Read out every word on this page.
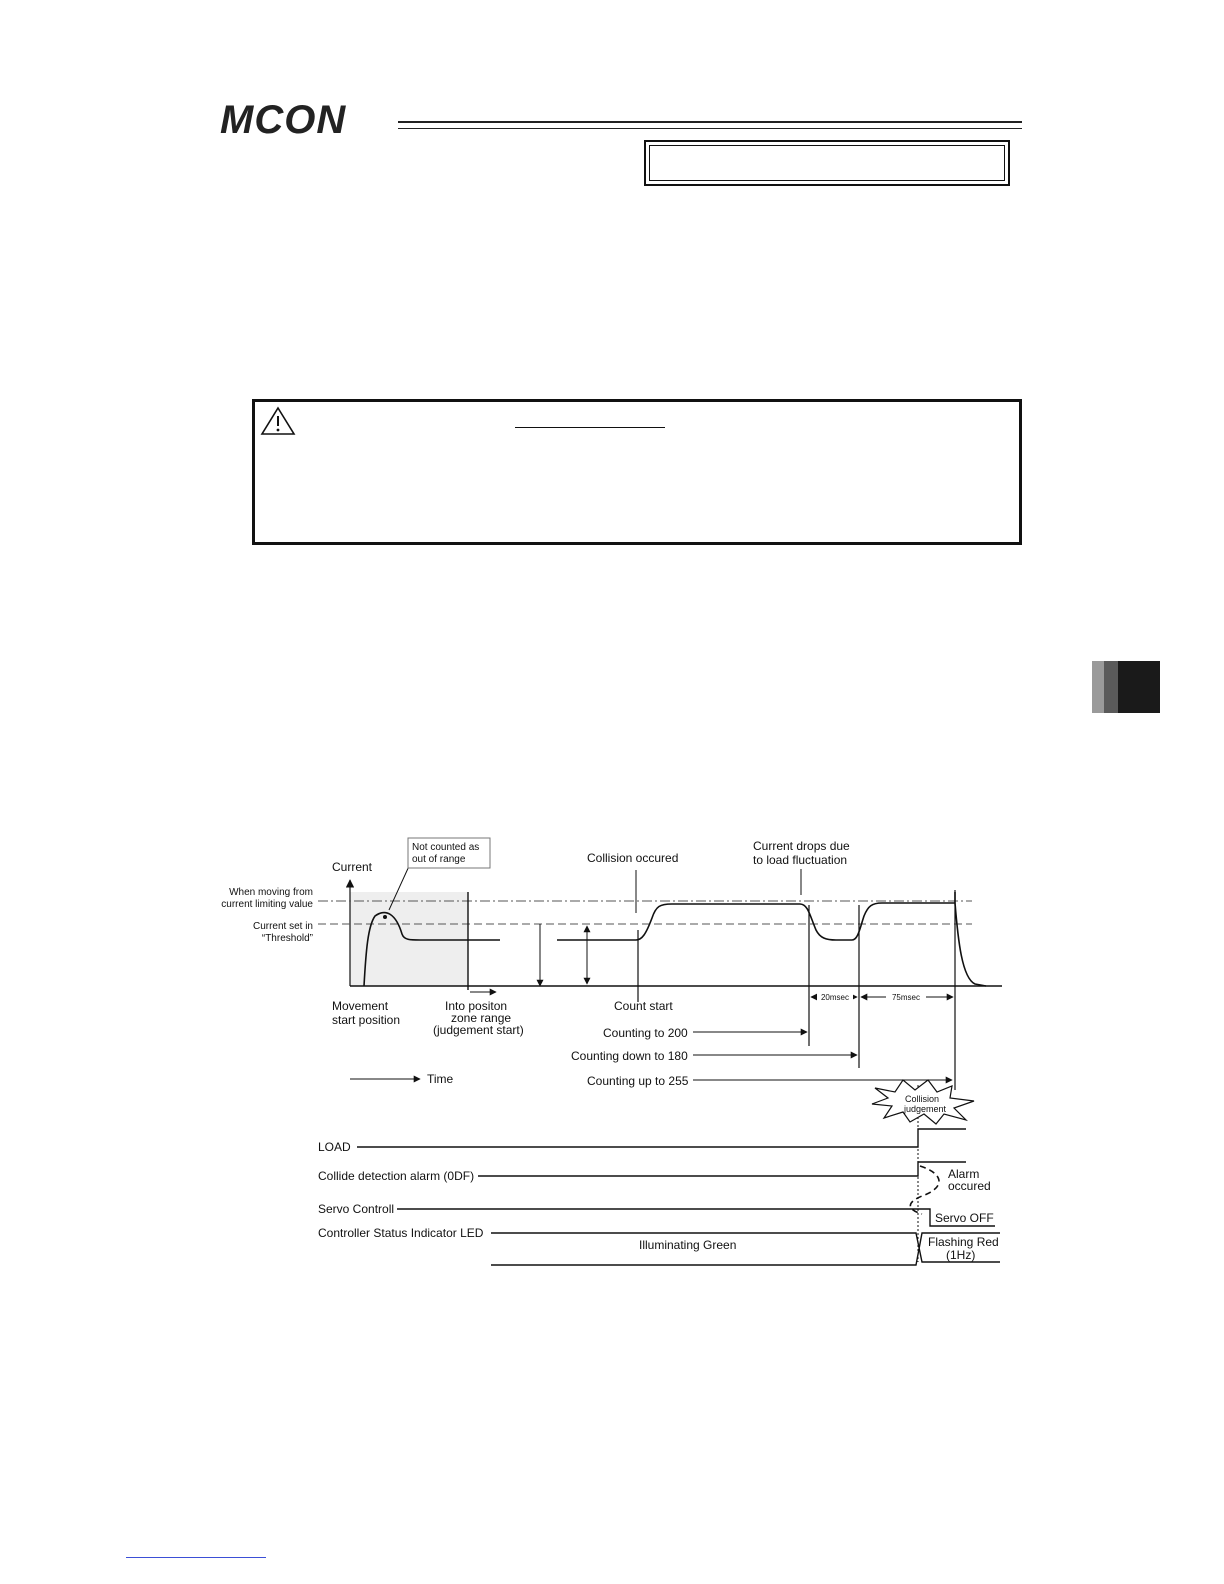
MCON
20msec	75msec
Not counted as
out of range
Collision
judgement
Current
When moving from
current limiting value
Current set in
“Threshold”
Collision occured
Current drops due
to load fluctuation
Movement
start position
Into positon
zone range
(judgement start)
Count start
Counting to 200
Counting down to 180
Counting up to 255
Time
LOAD
Collide detection alarm (0DF)
Servo Controll
Controller Status Indicator LED
Alarm
occured
Servo OFF
Illuminating Green	Flashing Red
(1Hz)
